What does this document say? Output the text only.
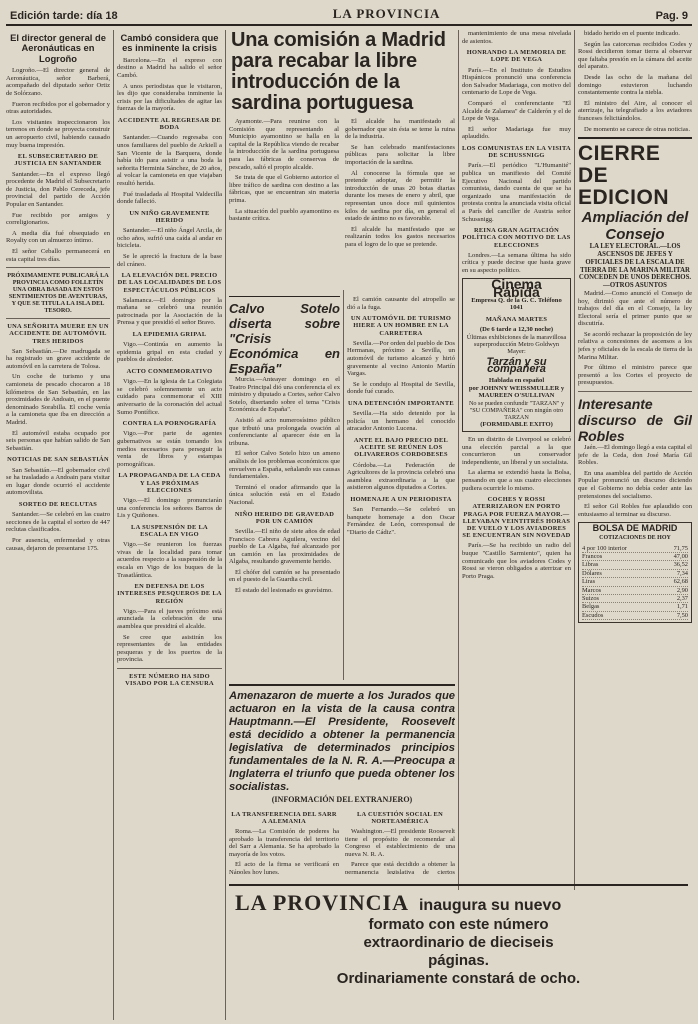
Edición tarde: día 18	LA PROVINCIA	Pag. 9
El director general de Aeronáuticas en Logroño

Logroño.—El director general de Aeronáutica, señor Barberá, acompañado del diputado señor Ortiz de Solórzano.

Fueron recibidos por el gobernador y otras autoridades.

Los visitantes inspeccionaron los terrenos en donde se proyecta construir un aeropuerto civil, habiendo causado muy buena impresión.

EL SUBSECRETARIO DE JUSTICIA EN SANTANDER

Santander.—En el expreso llegó procedente de Madrid el Subsecretario de Justicia, don Pablo Cereceda, jefe provincial del partido de Acción Popular en Santander.

Fue recibido por amigos y correligionarios.

A media día fué obsequiado en Royalty con un almuerzo íntimo.

El señor Ceballo permanecerá en esta capital tres días.

PRÓXIMAMENTE PUBLICARÁ LA PROVINCIA COMO FOLLETÍN UNA OBRA BASADA EN ESTOS SENTIMIENTOS DE AVENTURAS, Y QUE SE TITULA LA ISLA DEL TESORO.
UNA SEÑORITA MUERE EN UN ACCIDENTE DE AUTOMÓVIL TRES HERIDOS

San Sebastián.—De madrugada se ha registrado un grave accidente de automóvil en la carretera de Tolosa.

Un coche de turismo y una camioneta de pescado chocaron a 18 kilómetros de San Sebastián, en las proximidades de Andoain, en el puente denominado Sorabilla. El coche venía a la camioneta que iba en dirección a Madrid.

El automóvil estaba ocupado por seis personas que habían salido de San Sebastián.

NOTICIAS DE SAN SEBASTIÁN

San Sebastián.—El gobernador civil se ha trasladado a Andoain para visitar en lugar donde ocurrió el accidente automovilista.

SORTEO DE RECLUTAS

Santander.—Se celebró en las cuatro secciones de la capital el sorteo de 447 reclutas clasificados.

Por ausencia, enfermedad y otras causas, dejaron de presentarse 175.

Cambó considera que es inminente la crisis

Barcelona.—En el expreso con destino a Madrid ha salido el señor Cambó.

A unos periodistas que le visitaron, les dijo que consideraba inminente la crisis por las dificultades de agitar las fuerzas de la mayoría.

ACCIDENTE AL REGRESAR DE BODA

Santander.—Cuando regresaba con unos familiares del pueblo de Arkiell a San Vicente de la Barquera, donde había ido para asistir a una boda la señorita Herminia Sánchez, de 20 años, al volcar la camioneta en que viajaban resultó herida.

Fué trasladada al Hospital Valdecilla donde falleció.

UN NIÑO GRAVEMENTE HERIDO

Santander.—El niño Ángel Arcila, de ocho años, sufrió una caída al andar en bicicleta.

Se le apreció la fractura de la base del cráneo.

LA ELEVACIÓN DEL PRECIO DE LAS LOCALIDADES DE LOS ESPECTÁCULOS PÚBLICOS

Salamanca.—El domingo por la mañana se celebró una reunión patrocinada por la Asociación de la Prensa y que presidió el señor Bravo.

LA EPIDEMIA GRIPAL

Vigo.—Continúa en aumento la epidemia gripal en esta ciudad y pueblos de alrededor.

ACTO CONMEMORATIVO

Vigo.—En la iglesia de La Colegiata se celebró solemnemente un acto cuidado para conmemorar el XIII aniversario de la coronación del actual Sumo Pontífice.

CONTRA LA PORNOGRAFÍA

Vigo.—Por parte de agentes gubernativos se están tomando los medios necesarios para perseguir la venta de libros y estampas pornográficas.

LA PROPAGANDA DE LA CEDA Y LAS PRÓXIMAS ELECCIONES

Vigo.—El domingo pronunciarán una conferencia los señores Barros de Lis y Quiñones.

LA SUSPENSIÓN DE LA ESCALA EN VIGO

Vigo.—Se reunieron los fuerzas vivas de la localidad para tomar acuerdos respecto a la suspensión de la escala en Vigo de los buques de la Trasatlántica.

EN DEFENSA DE LOS INTERESES PESQUEROS DE LA REGIÓN

Vigo.—Para el jueves próximo está anunciada la celebración de una asamblea que presidirá el alcalde.

Se cree que asistirán los representantes de las entidades pesqueras y de los puertos de la provincia.

ESTE NÚMERO HA SIDO VISADO POR LA CENSURA
Una comisión a Madrid para recabar la libre introducción de la sardina portuguesa

Ayamonte.—Para reunirse con la Comisión que representando al Municipio ayamontino se halla en la capital de la República viendo de recabar la introducción de la sardina portuguesa para las fábricas de conservas de pescado, salió el propio alcalde.

Se trata de que el Gobierno autorice el libre tráfico de sardina con destino a las fábricas, que se encuentran sin materia prima.

La situación del pueblo ayamontino es bastante crítica.

El alcalde ha manifestado al gobernador que sin ésta se teme la ruina de la industria.

Se han celebrado manifestaciones públicas para solicitar la libre importación de la sardina.

Al conocerse la fórmula que se pretende adoptar, de permitir la introducción de unas 20 botas diarias durante los meses de enero y abril, que representan unos doce mil quinientos kilos de sardina por día, en general el estado de ánimo no es favorable.

El alcalde ha manifestado que se realizarán todos los gastos necesarios para el logro de lo que se pretende.

Calvo Sotelo diserta sobre "Crisis Económica en España"

Murcia.—Anteayer domingo en el Teatro Principal dió una conferencia el ex ministro y diputado a Cortes, señor Calvo Sotelo, disertando sobre el tema "Crisis Económica de España".

Asistió al acto numerosísimo público que tributó una prolongada ovación al conferenciante al aparecer éste en la tribuna.

El señor Calvo Sotelo hizo un ameno análisis de los problemas económicos que envuelven a España, señalando sus causas fundamentales.

Terminó el orador afirmando que la única solución está en el Estado Nacional.

NIÑO HERIDO DE GRAVEDAD POR UN CAMIÓN

Sevilla.—El niño de siete años de edad Francisco Cabrera Aguilera, vecino del pueblo de La Algaba, fué alcanzado por un camión en las proximidades de Algaba, resultando gravemente herido.

El chófer del camión se ha presentado en el puesto de la Guardia civil.

El estado del lesionado es gravísimo.

El camión causante del atropello se dió a la fuga.

UN AUTOMÓVIL DE TURISMO HIERE A UN HOMBRE EN LA CARRETERA

Sevilla.—Por orden del pueblo de Dos Hermanas, próximo a Sevilla, un automóvil de turismo alcanzó y hirió gravemente al vecino Antonio Martín Vargas.

Se le condujo al Hospital de Sevilla, donde fué curado.

UNA DETENCIÓN IMPORTANTE

Sevilla.—Ha sido detenido por la policía un hermano del conocido atracador Antonio Lucena.

ANTE EL BAJO PRECIO DEL ACEITE SE REÚNEN LOS OLIVAREROS CORDOBESES

Córdoba.—La Federación de Agricultores de la provincia celebró una asamblea extraordinaria a la que asistieron algunos diputados a Cortes.

HOMENAJE A UN PERIODISTA

San Fernando.—Se celebró un banquete homenaje a don Oscar Fernández de León, corresponsal de "Diario de Cádiz".

Amenazaron de muerte a los Jurados que actuaron en la vista de la causa contra Hauptmann.—El Presidente, Roosevelt está decidido a obtener la permanencia legislativa de determinados principios fundamentales de la N. R. A.—Preocupa a Inglaterra el triunfo que pueda obtener los socialistas.
(INFORMACIÓN DEL EXTRANJERO)
LA TRANSFERENCIA DEL SARR A ALEMANIA

Roma.—La Comisión de poderes ha aprobado la transferencia del territorio del Sarr a Alemania. Se ha aprobado la mayoría de los votos.

El acto de la firma se verificará en Nápoles hoy lunes.

LA CUESTIÓN SOCIAL EN NORTEAMÉRICA

Washington.—El presidente Roosevelt tiene el propósito de recomendar al Congreso el establecimiento de una nueva N. R. A.

Parece que está decidido a obtener la permanencia legislativa de ciertos

mantenimiento de una mesa nivelada de asientos.

HONRANDO LA MEMORIA DE LOPE DE VEGA

París.—En el Instituto de Estudios Hispánicos pronunció una conferencia don Salvador Madariaga, con motivo del centenario de Lope de Vega.

Comparó el conferenciante "El Alcalde de Zalamea" de Calderón y el de Lope de Vega.

El señor Madariaga fue muy aplaudido.

LOS COMUNISTAS EN LA VISITA DE SCHUSSNIGG

París.—El periódico "L'Humanité" publica un manifiesto del Comité Ejecutivo Nacional del partido comunista, dando cuenta de que se ha organizado una manifestación de protesta contra la anunciada visita oficial a París del canciller de Austria señor Schussnigg.

REINA GRAN AGITACIÓN POLÍTICA CON MOTIVO DE LAS ELECCIONES

Londres.—La semana última ha sido crítica y puede decirse que hasta grave en su aspecto político.

Cinema Rábida
Empresa Q. de la G. C. Teléfono 1041
MAÑANA MARTES
(De 6 tarde a 12,30 noche)
Últimas exhibiciones de la maravillosa superproducción Metro Goldwyn Mayer:
Tarzán y su compañera
Hablada en español
por JOHNNY WEISSMULLER y MAUREEN O'SULLIVAN
No se pueden confundir "TARZAN" y "SU COMPAÑERA" con ningún otro TARZAN
(FORMIDABLE EXITO)

En un distrito de Liverpool se celebró una elección parcial a la que concurrieron un conservador independiente, un liberal y un socialista.

La alarma se extendió hasta la Bolsa, pensando en que a sus cuatro elecciones pudiera ocurrirle lo mismo.

COCHES Y ROSSI ATERRIZARON EN PORTO PRAGA POR FUERZA MAYOR.—LLEVABAN VEINTITRÉS HORAS DE VUELO Y LOS AVIADORES SE ENCUENTRAN SIN NOVEDAD

París.—Se ha recibido un radio del buque "Castillo Sarmiento", quien ha comunicado que los aviadores Codes y Rossi se vieron obligados a aterrizar en Porto Praga.

bidado herido en el puente indicado.

Según las catorcenas recibidos Codes y Rossi decidieron tomar tierra al observar que faltaba presión en la cámara del aceite del aparato.

Desde las ocho de la mañana del domingo estuvieron luchando constantemente contra la niebla.

El ministro del Aire, al conocer el aterrizaje, ha telegrafiado a los aviadores franceses felicitándolos.

De momento se carece de otras noticias.

CIERRE DE EDICION
Ampliación del Consejo
LA LEY ELECTORAL.—LOS ASCENSOS DE JEFES Y OFICIALES DE LA ESCALA DE TIERRA DE LA MARINA MILITAR CONCEDEN DE UNOS DERECHOS.—OTROS ASUNTOS

Madrid.—Como anunció el Consejo de hoy, dirimió que ante el número de trabajos del día en el Consejo, la ley Electoral sería el primer punto que se discutiría.

Se acordó rechazar la proposición de ley relativa a concesiones de ascensos a los jefes y oficiales de la escala de tierra de la Marina Militar.

Por último el ministro parece que presentó a los Cortes el proyecto de presupuestos.

Interesante discurso de Gil Robles

Jaén.—El domingo llegó a esta capital el jefe de la Ceda, don José María Gil Robles.

En una asamblea del partido de Acción Popular pronunció un discurso diciendo que el Gobierno no debía ceder ante las pretensiones del socialismo.

El señor Gil Robles fue aplaudido con entusiasmo al terminar su discurso.

BOLSA DE MADRID
COTIZACIONES DE HOY
4 por 100 interior	71,75
Francos	47,00
Libras	36,52
Dólares	7,34
Liras	62,68
Marcos	2,90
Suizos	2,37
Belgas	1,71
Escudos	7,50
LA PROVINCIA inaugura su nuevo
formato con este número
extraordinario de dieciseis
páginas.
Ordinariamente constará de ocho.
